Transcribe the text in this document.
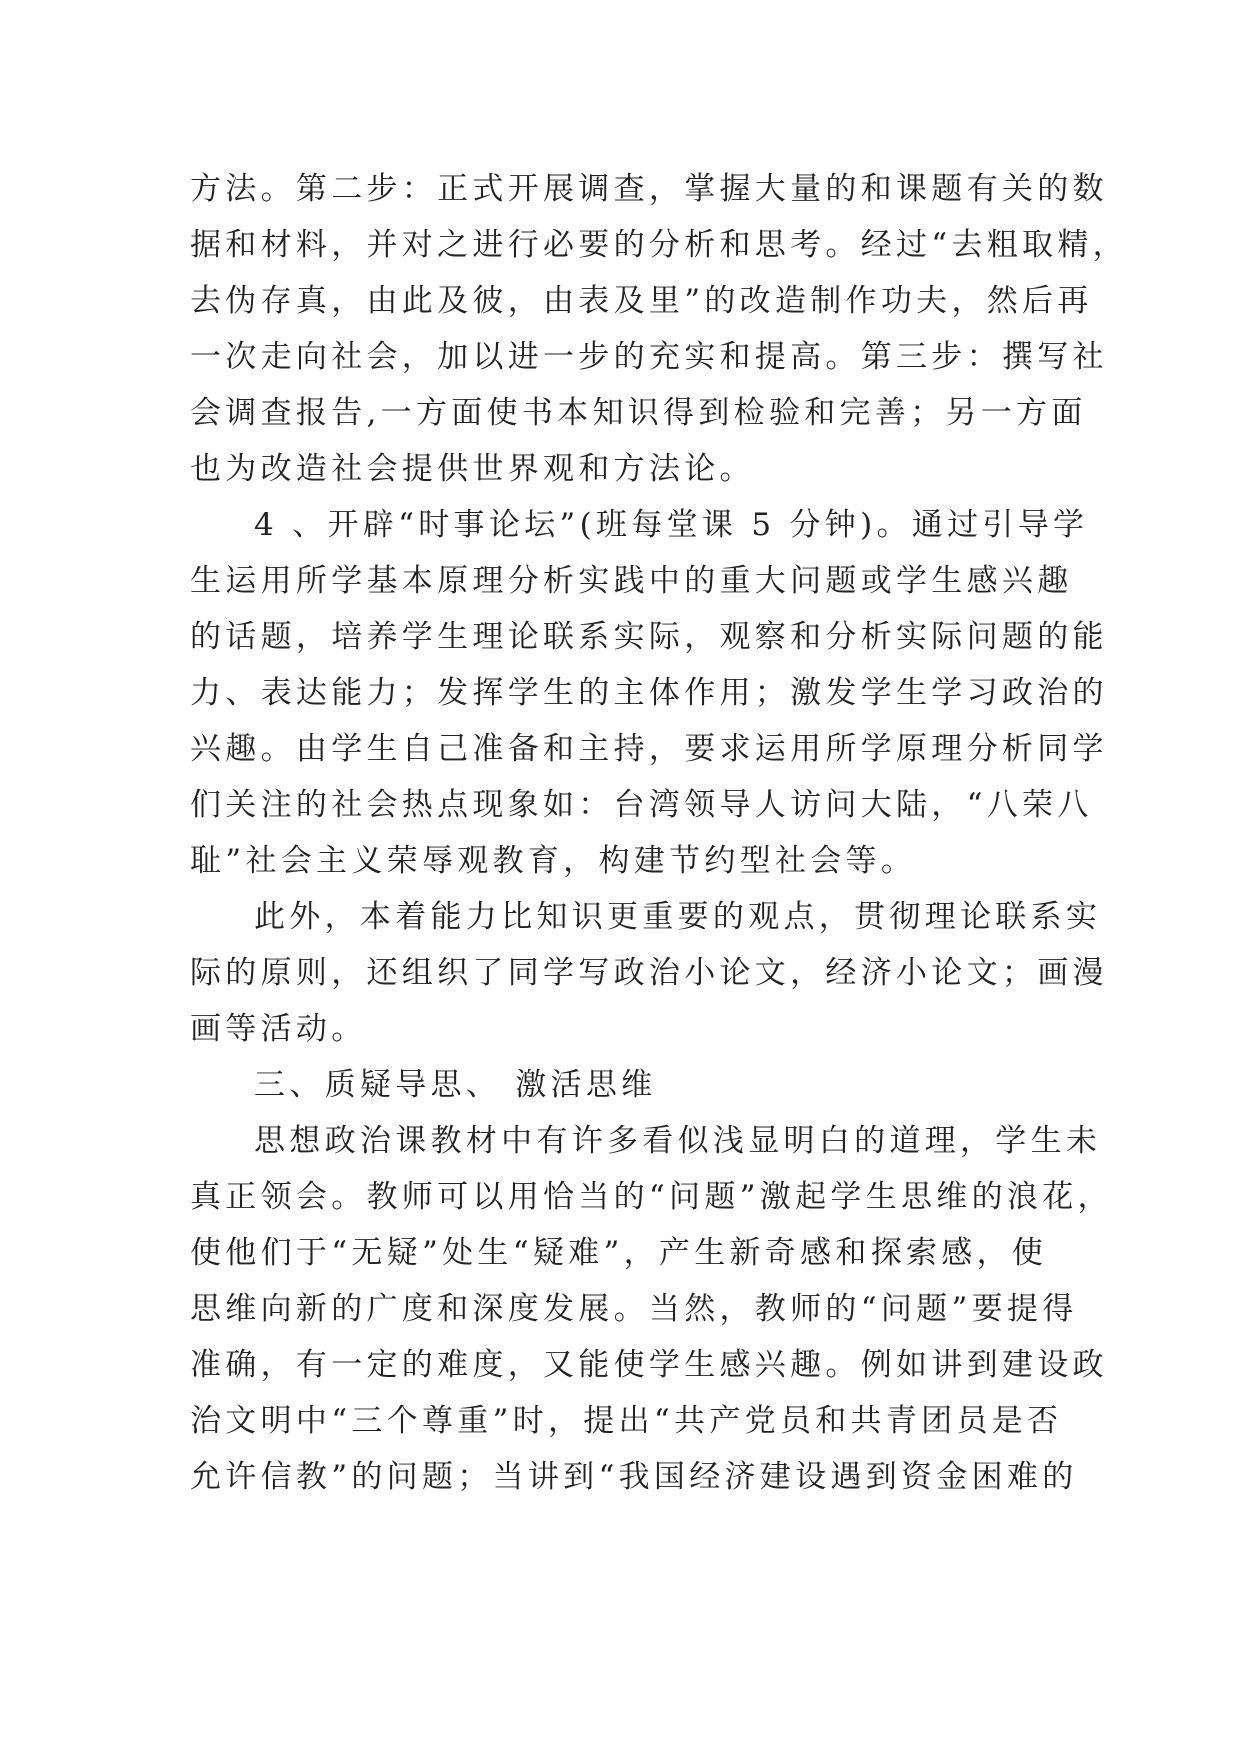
方法。第二步：正式开展调查，掌握大量的和课题有关的数
据和材料，并对之进行必要的分析和思考。经过“去粗取精，
去伪存真，由此及彼，由表及里”的改造制作功夫，然后再
一次走向社会，加以进一步的充实和提高。第三步：撰写社
会调查报告,一方面使书本知识得到检验和完善；另一方面
也为改造社会提供世界观和方法论。
4 、开辟“时事论坛”(班每堂课 5 分钟)。通过引导学
生运用所学基本原理分析实践中的重大问题或学生感兴趣
的话题，培养学生理论联系实际，观察和分析实际问题的能
力、表达能力；发挥学生的主体作用；激发学生学习政治的
兴趣。由学生自己准备和主持，要求运用所学原理分析同学
们关注的社会热点现象如：台湾领导人访问大陆，“八荣八
耻”社会主义荣辱观教育，构建节约型社会等。
此外，本着能力比知识更重要的观点，贯彻理论联系实
际的原则，还组织了同学写政治小论文，经济小论文；画漫
画等活动。
三、质疑导思、 激活思维
思想政治课教材中有许多看似浅显明白的道理，学生未
真正领会。教师可以用恰当的“问题”激起学生思维的浪花，
使他们于“无疑”处生“疑难”，产生新奇感和探索感，使
思维向新的广度和深度发展。当然，教师的“问题”要提得
准确，有一定的难度，又能使学生感兴趣。例如讲到建设政
治文明中“三个尊重”时，提出“共产党员和共青团员是否
允许信教”的问题；当讲到“我国经济建设遇到资金困难的
